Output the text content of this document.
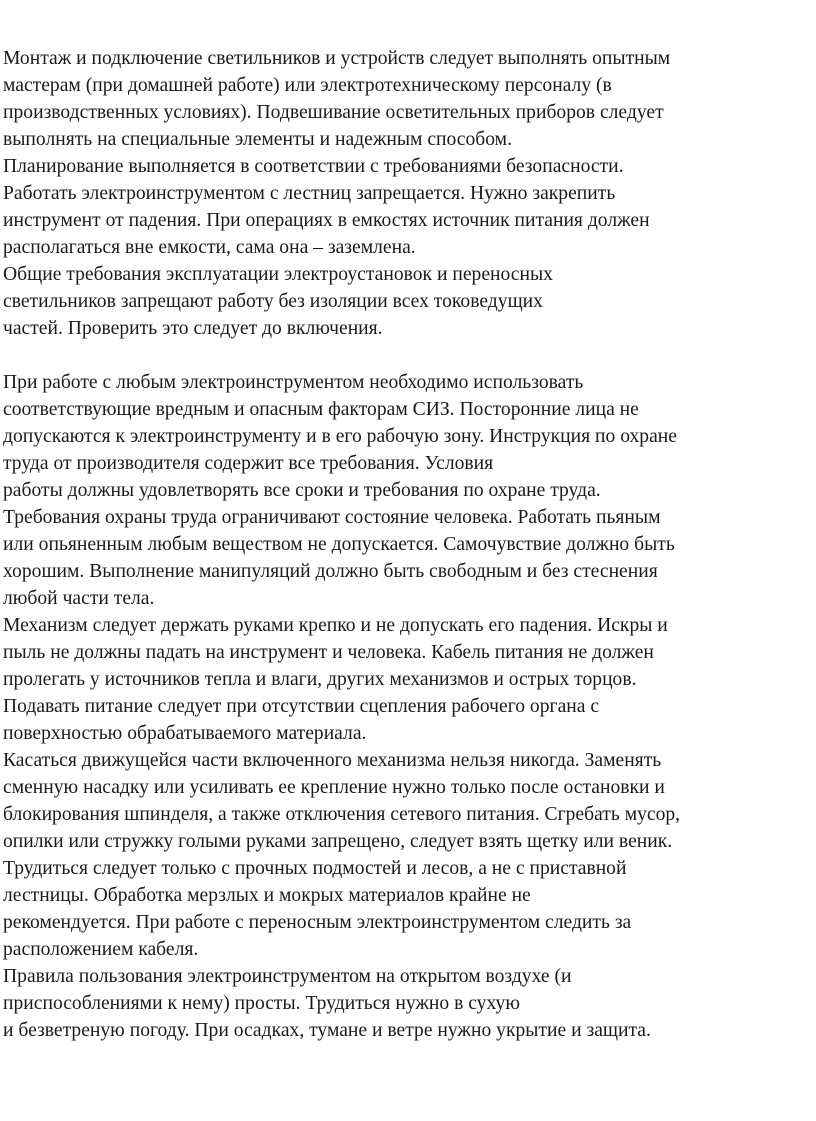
Монтаж и подключение светильников и устройств следует выполнять опытным
мастерам (при домашней работе) или электротехническому персоналу (в
производственных условиях). Подвешивание осветительных приборов следует
выполнять на специальные элементы и надежным способом.
Планирование выполняется в соответствии с требованиями безопасности.
Работать электроинструментом с лестниц запрещается. Нужно закрепить
инструмент от падения. При операциях в емкостях источник питания должен
располагаться вне емкости, сама она – заземлена.
Общие требования эксплуатации электроустановок и переносных
светильников запрещают работу без изоляции всех токоведущих
частей. Проверить это следует до включения.
При работе с любым электроинструментом необходимо использовать
соответствующие вредным и опасным факторам СИЗ. Посторонние лица не
допускаются к электроинструменту и в его рабочую зону. Инструкция по охране
труда от производителя содержит все требования. Условия
работы должны удовлетворять все сроки и требования по охране труда.
Требования охраны труда ограничивают состояние человека. Работать пьяным
или опьяненным любым веществом не допускается. Самочувствие должно быть
хорошим. Выполнение манипуляций должно быть свободным и без стеснения
любой части тела.
Механизм следует держать руками крепко и не допускать его падения. Искры и
пыль не должны падать на инструмент и человека. Кабель питания не должен
пролегать у источников тепла и влаги, других механизмов и острых торцов.
Подавать питание следует при отсутствии сцепления рабочего органа с
поверхностью обрабатываемого материала.
Касаться движущейся части включенного механизма нельзя никогда. Заменять
сменную насадку или усиливать ее крепление нужно только после остановки и
блокирования шпинделя, а также отключения сетевого питания. Сгребать мусор,
опилки или стружку голыми руками запрещено, следует взять щетку или веник.
Трудиться следует только с прочных подмостей и лесов, а не с приставной
лестницы. Обработка мерзлых и мокрых материалов крайне не
рекомендуется. При работе с переносным электроинструментом следить за
расположением кабеля.
Правила пользования электроинструментом на открытом воздухе (и
приспособлениями к нему) просты. Трудиться нужно в сухую
и безветреную погоду. При осадках, тумане и ветре нужно укрытие и защита.
